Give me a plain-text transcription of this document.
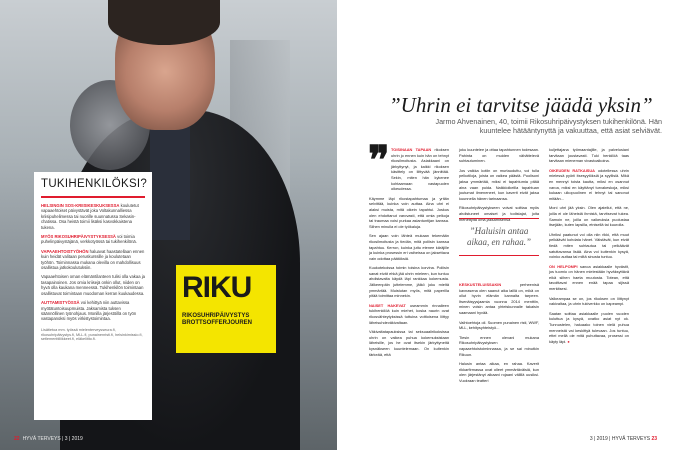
RIKU
RIKOSUHRIPÄIVYSTYS BROTTSOFFERJOUREN
TUKIHENKILÖKSI?

HELSINGIN SOS-KRIISIKESKUKSESSA koulutetut vapaaehtoiset päivystävät joka Voltakunnalliessa kriisipuhelimessa tai nuorille suunnatussa Sekasin-chatissa. Osa heistä toimii lisäksi kasvokkaistena tukena.

MYÖS RIKOSUHRIPÄIVYSTYKSESSÄ voi toimia puhelinpäivystäjänä, verkkotyössä tai tukihenkilönä.

VAPAAEHTOISTYÖHÖN haluavat haastatellaan ennen kuin heidät valitaan peruskurssille ja koulutetaan työhön. Toiminnassa mukana olevilla on mahdollisuus osallistua jatkokoulutuksiin.

Vapaaehtoisen oman elämäntilanteen tulisi olla vakaa ja tasapainoinen. Jos omia kriisejä onkin ollut, niiden on hyvä olla kaukana menneessä. Tukihenkilön toimintaan osallistuvat toimintaan muodoman kerran kuukaudessa.

AUTTAMISTYÖSSÄ voi kehittyä niin auttavissa myötätuntoisuupmuista. Jaksamista tuksen säännöllinen työnohjaus. Monilla järjestöillä on työn vastapanoksi myös virkistystoimintaa.

Lisätietoa mm. työssä mielenterveysseura.fi, rikosuhripäivystys.fi, MLL.fi, punainenristi.fi, helsinkimissio.fi, setlementtiliikkeet.fi, eläkeliitto.fi.

22 HYVÄ TERVEYS | 3 | 2019
”Uhrin ei tarvitse jäädä yksin”
Jarmo Ahvenainen, 40, toimii Rikosuhripäivystyksen tukihenkilönä. Hän kuuntelee hätääntynyttä ja vakuuttaa, että asiat selviävät.
❞ TOISINAAN TAPAAN rikoksen uhrin jo ennen kuin hän on tehnyt rikosilmoitusta. Asiakkaani on järkyttynyt, ja kaikki rikoksen käsittely on liittyvää jännittää. Sekin, miten hän kykenee kohtaamaan vastapuolen oikeudessa.

Käymme läpi rikostapahtumaa ja yritän selvittää, kuinka voin auttaa. Aina uhri ei alaksi muista, mitä oikein tapahtui. Joskus olen ehdottanut varovasti, että omia pelkoja tai traumaa voisi purkaa asiantuntijan kanssa. Siihen minulla ei ole työkaluja.

Sen ajaan voin lähteä mukaan tekemään rikosilmoitusta ja tiedän, mitä poliisin kanssa tapahtuu. Kerron, kuinka juttu etenee käräjille ja kuinka prosessin eri vaiheissa on jaksettava vain odottaa päätöksiä.

Kuukotekoissa toimin toisina korvina. Poliisin sanat eivät ehkä jää uhrin mieleen, kun tuntuu ahdistavalta käydä läpi rankkaa kokemusta. Jälkeenpäin juttelemme, jäikö joku mieltä ymmärtää. Muistutan myös, mitä paperilla pitää toimittaa minnekin.

NAISET HAKEVAT useammin rinnalleen tukihenkilöä kuin miehet, koska naurin ovat rikosvähteytyksissä tuttuina voittoisena liittyy läheisuhdeväkivaltaan.

Väkivaltatapauksissa tai seksuaalirikoksissa uhrin on vaikea puhua kokemuksistaan läheisille, jos he ovat itsekin järkyttyneitä kysnäkseen kuuntelemaan. On kuitenkin tärkeää, että

joku kuuntelee ja ottaa tapahtunnen todesaan. Pahinta on muiden vähättelevä suhtautuminen.

Jos vaikka kotiin on murtauduttu, voi tulla pelkotiloja, joista on vaikea päästä. Puolisoni jaksa ymmärtää, miksi ei tapahtumia pitää aina vaan puida. Naikkioikeilla tapahtuan joutumat ilmeneneet, kun kaverit eivät jaksa kuunnella hänen tarinaansa.

Rikosuhripäivystykseen voivat soittaa myös ahdistuneet omaiset ja todistajat, joita menettyitä oma jaksamisensa

”Haluisin antaa aikaa, en rahaa.”

KESKUSTELUISSAKIN	perheenisä kavnasena olen saanut aika laillä on, mikä on ollut hyvin elämän kannalta tarpeen. Itsenäisyysjaamia vuonna 2014 menttiin, minen voisin antaa yhteiskunnalle takaisin saamaani hyvää.

Vaihtoehtoja oli. Suomen punainen risti, WWF, MLL, kehitysyhteistyö...

Tiesin ennen olevani mukana Rikosuhripäivystyksen vapaaehtoistoiminnassa, ja se sai minutkin Rikuun.

Halusin antaa aikaa, en rahaa. Kaverit rikkarfirmassa ovat olleet ymmärtäväisiä, kun olen järjestänyt aikaani rojaani välillä uusiksi. Vuokraan teatteri

kuljettajana työmaantajille, ja palvelusiani tarvitaan joustavasti. Tuki henkilöä taas tarvitaan mieneman vivastoaikoina.

OIKEUDEN RATKAISUA odotellessa uhrin mielessä pyörii itsesyytöksiä ja syyllisiä. Mikä en mennyt toista kautta, miksi en osannut varoa, miksi en käyttänyt turvakeskoja, miksi kukaan ulkopuolinen ei tehnyt tai sanonut mitään...

Moni uhri jää yksin. Olen ajatellut, että ne, joilla ei ole läheistä ihmistä, tarvitsevat tukea. Samoin ne, joilla on vaikeuksia puolustaa itsejään, kuten lapsilla, etnisellä tai kuurolla.

Uhriksi paatunut voi olla niin rikki, että muut pelkäävät kohdata hänet. Väistävät, kun eivät tiedä miten suhtautua tai pelkäävät satuttavansa lisää. Aina voi kuitenkin kysyä, voinko auttaa tai miltä sinusta tuntuu.

ON HELPOMPI sanoa asiakkaalle hyvästit, jos tuomio on hänen mielestään hyväksyttävä eikä siihen haeta muutosta. Totean, että tavoittavat ennen enää tapaa sijissä merkitsesi.

Valkeampaa se on, jos rikoksen on liittynyt vakivaltaa, ja uhrin tukiverkko on kapeampi.

Saatan soittaa asiakkaalle puolen vuoden kuluttua ja kysyä, ovatko asiat nyt ok. Tunnustelen, haluaako toinen vielä puhua menneistä vai keskittyä tulevaan. Jos tuntuu, ettei mellä ole mitä puhuttavaa, prosessi on käyty läpi. ●

3 | 2019 | HYVÄ TERVEYS 23
